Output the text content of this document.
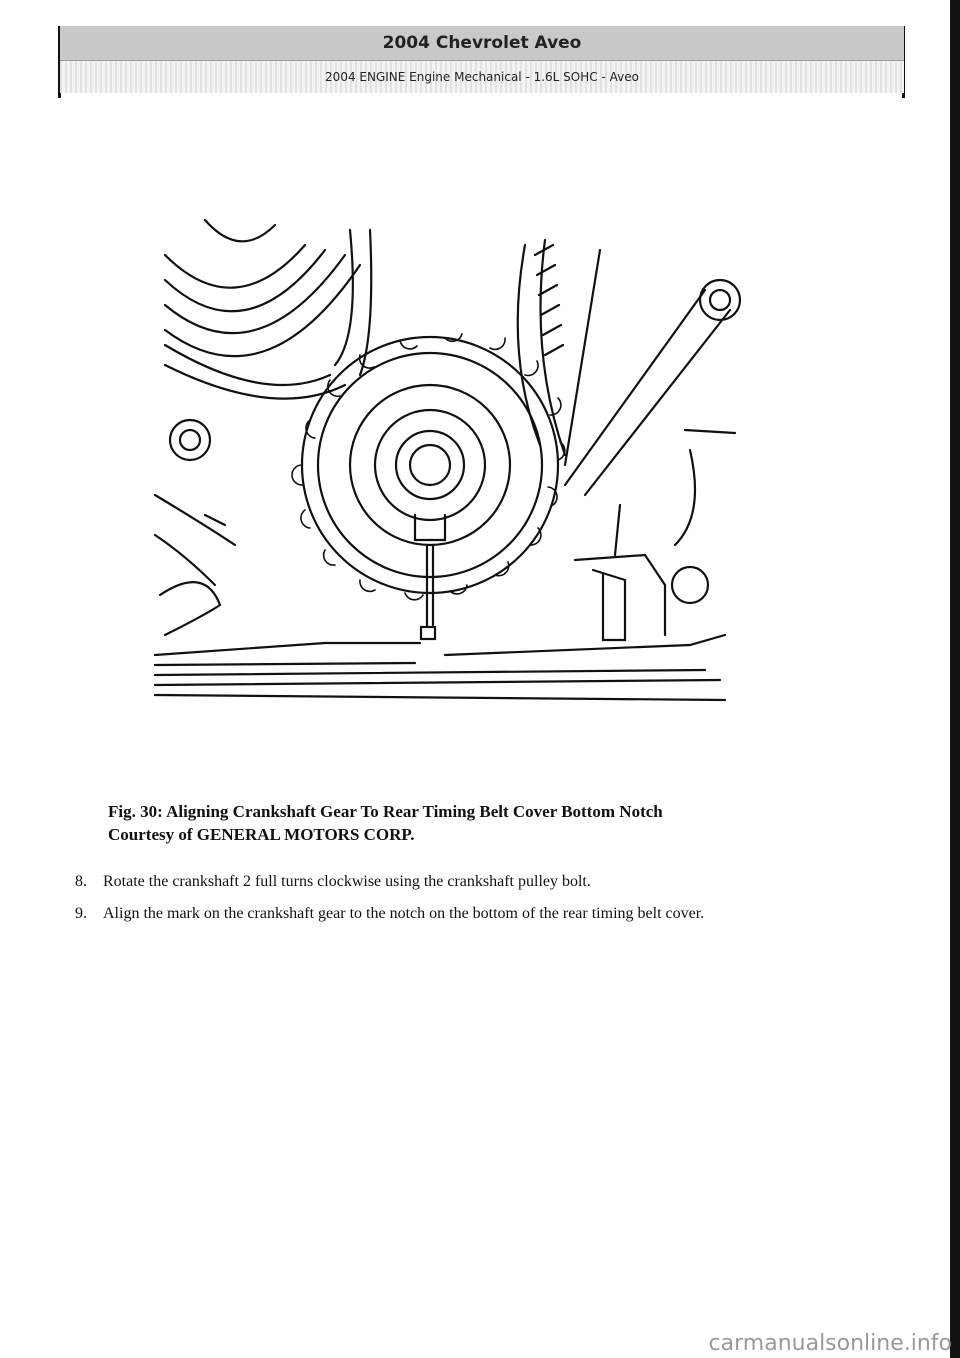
2004 Chevrolet Aveo
2004 ENGINE Engine Mechanical - 1.6L SOHC - Aveo
Fig. 30: Aligning Crankshaft Gear To Rear Timing Belt Cover Bottom Notch
Courtesy of GENERAL MOTORS CORP.
8.	Rotate the crankshaft 2 full turns clockwise using the crankshaft pulley bolt.
9.	Align the mark on the crankshaft gear to the notch on the bottom of the rear timing belt cover.
carmanualsonline.info
